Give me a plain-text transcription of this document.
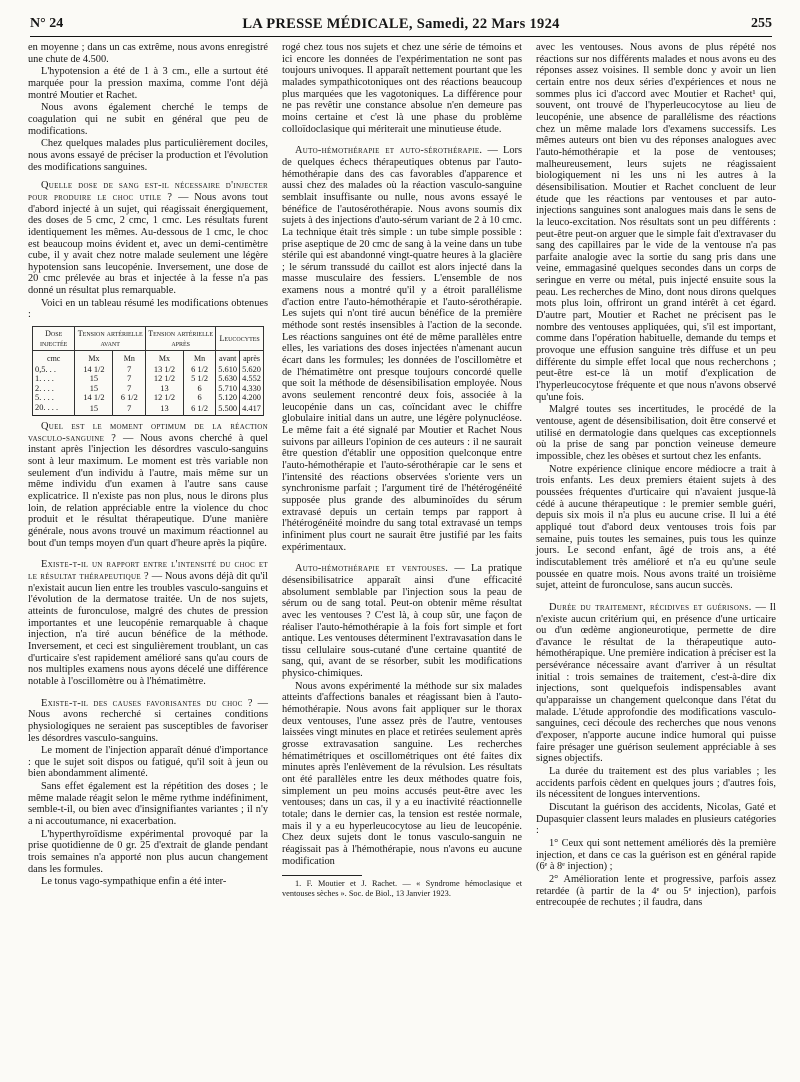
LA PRESSE MÉDICALE, Samedi, 22 Mars 1924
N° 24	255

en moyenne ; dans un cas extrême, nous avons enregistré une chute de 4.500.

L'hypotension a été de 1 à 3 cm., elle a surtout été marquée pour la pression maxima, comme l'ont déjà montré Moutier et Rachet.

Nous avons également cherché le temps de coagulation qui ne subit en général que peu de modifications.

Chez quelques malades plus particulièrement dociles, nous avons essayé de préciser la production et l'évolution des modifications sanguines.

Quelle dose de sang est-il nécessaire d'injecter pour produire le choc utile ? — Nous avons tout d'abord injecté à un sujet, qui réagissait énergiquement, des doses de 5 cmc, 2 cmc, 1 cmc. Les résultats furent identiquement les mêmes. Au-dessous de 1 cmc, le choc est beaucoup moins évident et, avec un demi-centimètre cube, il y avait chez notre malade seulement une légère hypotension sans leucopénie. Inversement, une dose de 20 cmc prélevée au bras et injectée à la fesse n'a pas donné un résultat plus remarquable.

Voici en un tableau résumé les modifications obtenues :

Dose injectée	Tension artérielle avant		Tension artérielle après		Leucocytes	
cmc	Mx	Mn	Mx	Mn	avant	après
0,5. . .	14 1/2	7	13 1/2	6 1/2	5.610	5.620
1. . . .	15	7	12 1/2	5 1/2	5.630	4.552
2. . . .	15	7	13	6	5.710	4.330
5. . . .	14 1/2	6 1/2	12 1/2	6	5.120	4.200
20. . . .	15	7	13	6 1/2	5.500	4.417

Quel est le moment optimum de la réaction vasculo-sanguine ? — Nous avons cherché à quel instant après l'injection les désordres vasculo-sanguins sont à leur maximum. Le moment est très variable non seulement d'un individu à l'autre, mais même sur un même individu d'un examen à l'autre sans cause explicatrice. Il n'existe pas non plus, nous le dirons plus loin, de relation appréciable entre la violence du choc produit et le résultat thérapeutique. D'une manière générale, nous avons trouvé un maximum réactionnel au bout d'un temps moyen d'un quart d'heure après la piqûre.

Existe-t-il un rapport entre l'intensité du choc et le résultat thérapeutique ? — Nous avons déjà dit qu'il n'existait aucun lien entre les troubles vasculo-sanguins et l'évolution de la dermatose traitée. Un de nos sujets, atteints de furonculose, malgré des chutes de pression importantes et une leucopénie remarquable à chaque injection, n'a tiré aucun bénéfice de la méthode. Inversement, et ceci est singulièrement troublant, un cas d'urticaire s'est rapidement amélioré sans qu'au cours de nos multiples examens nous ayons décelé une différence notable à l'oscillomètre ou à l'hématimètre.

Existe-t-il des causes favorisantes du choc ? — Nous avons recherché si certaines conditions physiologiques ne seraient pas susceptibles de favoriser les désordres vasculo-sanguins.

Le moment de l'injection apparaît dénué d'importance : que le sujet soit dispos ou fatigué, qu'il soit à jeun ou bien abondamment alimenté.

Sans effet également est la répétition des doses ; le même malade réagit selon le même rythme indéfiniment, semble-t-il, ou bien avec d'insignifiantes variantes ; il n'y a ni accoutumance, ni exacerbation.

L'hyperthyroïdisme expérimental provoqué par la prise quotidienne de 0 gr. 25 d'extrait de glande pendant trois semaines n'a apporté non plus aucun changement dans les formules.

Le tonus vago-sympathique enfin a été inter-

rogé chez tous nos sujets et chez une série de témoins et ici encore les données de l'expérimentation ne sont pas toujours univoques. Il apparaît nettement pourtant que les malades sympathicotoniques ont des réactions beaucoup plus marquées que les vagotoniques. La différence pour ne pas revêtir une constance absolue n'en demeure pas moins certaine et c'est là une phase du problème colloïdoclasique qui mériterait une minutieuse étude.

Auto-hémothérapie et auto-sérothérapie. — Lors de quelques échecs thérapeutiques obtenus par l'auto-hémothérapie dans des cas favorables d'apparence et aussi chez des malades où la réaction vasculo-sanguine semblait insuffisante ou nulle, nous avons essayé le bénéfice de l'autosérothérapie. Nous avons soumis dix sujets à des injections d'auto-sérum variant de 2 à 10 cmc. La technique était très simple : un tube simple possible : prise aseptique de 20 cmc de sang à la veine dans un tube stérile qui est abandonné vingt-quatre heures à la glacière ; le sérum transsudé du caillot est alors injecté dans la masse musculaire des fessiers. L'ensemble de nos examens nous a montré qu'il y a étroit parallélisme d'action entre l'auto-hémothérapie et l'auto-sérothérapie. Les sujets qui n'ont tiré aucun bénéfice de la première méthode sont restés insensibles à l'action de la seconde. Les réactions sanguines ont été de même parallèles entre elles, les variations des doses injectées n'amenant aucun écart dans les formules; les données de l'oscillomètre et de l'hématimètre ont presque toujours concordé quelle que soit la méthode de désensibilisation employée. Nous avons seulement rencontré deux fois, associée à la leucopénie dans un cas, coïncidant avec le chiffre globulaire initial dans un autre, une légère polynucléose. Le même fait a été signalé par Moutier et Rachet Nous suivons par ailleurs l'opinion de ces auteurs : il ne saurait être question d'établir une opposition quelconque entre l'auto-hémothérapie et l'auto-sérothérapie car le sens et l'intensité des réactions observées s'oriente vers un synchronisme parfait ; l'argument tiré de l'hétérogénéité supposée plus grande des albuminoïdes du sérum extravasé depuis un certain temps par rapport à l'hétérogénéité moindre du sang total extravasé un temps infiniment plus court ne saurait être justifié par les faits expérimentaux.

Auto-hémothérapie et ventouses. — La pratique désensibilisatrice apparaît ainsi d'une efficacité absolument semblable par l'injection sous la peau de sérum ou de sang total. Peut-on obtenir même résultat avec les ventouses ? C'est là, à coup sûr, une façon de réaliser l'auto-hémothérapie à la fois fort simple et fort antique. Les ventouses déterminent l'extravasation dans le tissu cellulaire sous-cutané d'une certaine quantité de sang, qui, avant de se résorber, subit les modifications physico-chimiques.

Nous avons expérimenté la méthode sur six malades atteints d'affections banales et réagissant bien à l'auto-hémothérapie. Nous avons fait appliquer sur le thorax deux ventouses, l'une assez près de l'autre, ventouses laissées vingt minutes en place et retirées seulement après grosse extravasation sanguine. Les recherches hématimétriques et oscillométriques ont été faites dix minutes après l'enlèvement de la révulsion. Les résultats ont été parallèles entre les deux méthodes quatre fois, simplement un peu moins accusés peut-être avec les ventouses; dans un cas, il y a eu inactivité réactionnelle totale; dans le dernier cas, la tension est restée normale, mais il y a eu hyperleucocytose au lieu de leucopénie. Chez deux sujets dont le tonus vasculo-sanguin ne réagissait pas à l'hémothérapie, nous n'avons eu aucune modification

1. F. Moutier et J. Rachet. — « Syndrome hémoclasique et ventouses sèches ». Soc. de Biol., 13 Janvier 1923.

avec les ventouses. Nous avons de plus répété nos réactions sur nos différents malades et nous avons eu des réponses assez voisines. Il semble donc y avoir un lien certain entre nos deux séries d'expériences et nous ne sommes plus ici d'accord avec Moutier et Rachet¹ qui, souvent, ont trouvé de l'hyperleucocytose au lieu de leucopénie, une absence de parallélisme des réactions chez un même malade lors d'examens successifs. Les mêmes auteurs ont bien vu des réponses analogues avec l'auto-hémothérapie et la pose de ventouses; malheureusement, leurs sujets ne réagissaient biologiquement ni les uns ni les autres à la désensibilisation. Moutier et Rachet concluent de leur étude que les réactions par ventouses et par auto-injections sanguines sont analogues mais dans le sens de la leuco-excitation. Nos résultats sont un peu différents : peut-être peut-on arguer que le simple fait d'extravaser du sang des capillaires par le vide de la ventouse n'a pas parfaite analogie avec la sortie du sang pris dans une veine, emmagasiné quelques secondes dans un corps de seringue en verre ou métal, puis injecté ensuite sous la peau. Les recherches de Mino, dont nous dirons quelques mots plus loin, offriront un grand intérêt à cet égard. D'autre part, Moutier et Rachet ne précisent pas le nombre des ventouses appliquées, qui, s'il est important, comme dans l'opération habituelle, demande du temps et provoque une effusion sanguine très diffuse et un peu différente du simple effet local que nous recherchons ; peut-être est-ce là un motif d'explication de l'hyperleucocytose fréquente et que nous n'avons observé qu'une fois.

Malgré toutes ses incertitudes, le procédé de la ventouse, agent de désensibilisation, doit être conservé et utilisé en dermatologie dans quelques cas exceptionnels où la prise de sang par ponction veineuse demeure impossible, chez les obèses et surtout chez les enfants.

Notre expérience clinique encore médiocre a trait à trois enfants. Les deux premiers étaient sujets à des poussées fréquentes d'urticaire qui n'avaient jusque-là cédé à aucune thérapeutique : le premier semble guéri, depuis six mois il n'a plus eu aucune crise. Il lui a été appliqué tout d'abord deux ventouses trois fois par semaine, puis toutes les semaines, puis tous les quinze jours. Le second enfant, âgé de trois ans, a été indiscutablement très amélioré et n'a eu qu'une seule poussée en quatre mois. Nous avons traité un troisième sujet, atteint de furonculose, sans aucun succès.

Durée du traitement, récidives et guérisons. — Il n'existe aucun critérium qui, en présence d'une urticaire ou d'un œdème angioneurotique, permette de dire d'avance le résultat de la thérapeutique auto-hémothérapique. Une première indication à préciser est la persévérance nécessaire avant d'arriver à un résultat initial : trois semaines de traitement, c'est-à-dire dix injections, sont quelquefois indispensables avant qu'apparaisse un changement quelconque dans l'état du malade. L'étude approfondie des modifications vasculo-sanguines, ceci découle des recherches que nous venons d'exposer, n'apporte aucune indice humoral qui puisse faire présager une guérison seulement appréciable à ses signes objectifs.

La durée du traitement est des plus variables ; les accidents parfois cèdent en quelques jours ; d'autres fois, ils nécessitent de longues interventions.

Discutant la guérison des accidents, Nicolas, Gaté et Dupasquier classent leurs malades en plusieurs catégories :

1° Ceux qui sont nettement améliorés dès la première injection, et dans ce cas la guérison est en général rapide (6ᵉ à 8ᵉ injection) ;

2° Amélioration lente et progressive, parfois assez retardée (à partir de la 4ᵉ ou 5ᵉ injection), parfois entrecoupée de rechutes ; il faudra, dans
